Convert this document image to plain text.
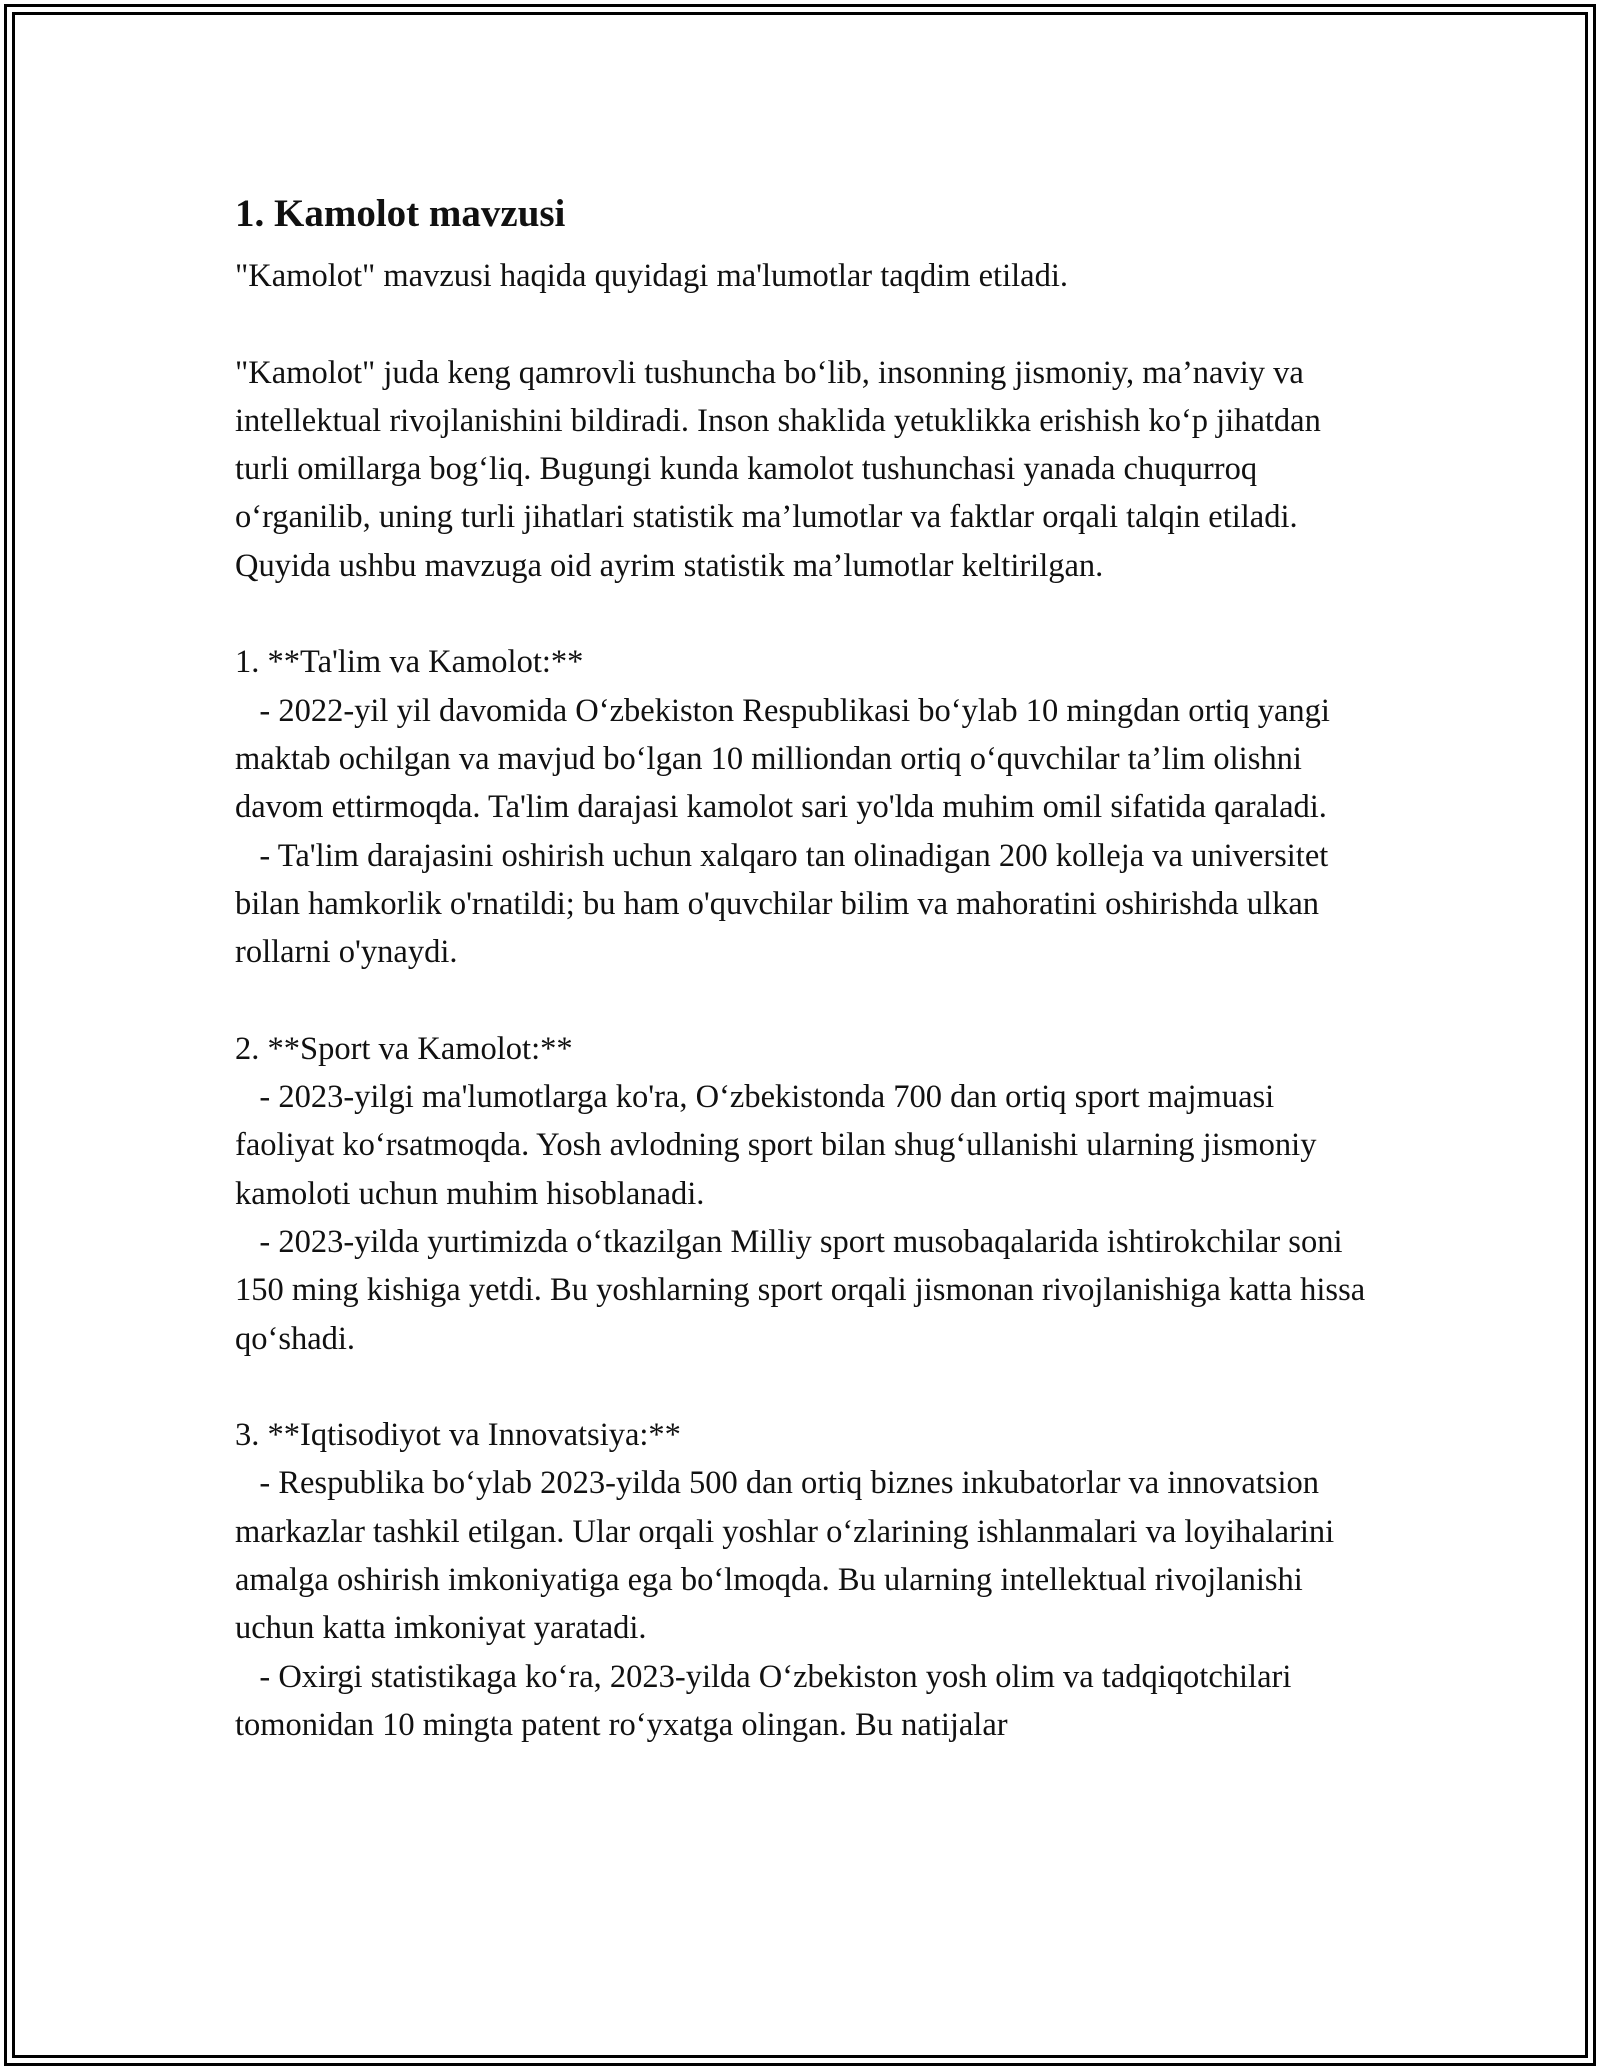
1. Kamolot mavzusi

"Kamolot" mavzusi haqida quyidagi ma'lumotlar taqdim etiladi.

"Kamolot" juda keng qamrovli tushuncha bo‘lib, insonning jismoniy, ma’naviy va intellektual rivojlanishini bildiradi. Inson shaklida yetuklikka erishish ko‘p jihatdan turli omillarga bog‘liq. Bugungi kunda kamolot tushunchasi yanada chuqurroq o‘rganilib, uning turli jihatlari statistik ma’lumotlar va faktlar orqali talqin etiladi. Quyida ushbu mavzuga oid ayrim statistik ma’lumotlar keltirilgan.

1. **Ta'lim va Kamolot:**

- 2022-yil yil davomida O‘zbekiston Respublikasi bo‘ylab 10 mingdan ortiq yangi maktab ochilgan va mavjud bo‘lgan 10 milliondan ortiq o‘quvchilar ta’lim olishni davom ettirmoqda. Ta'lim darajasi kamolot sari yo'lda muhim omil sifatida qaraladi.

- Ta'lim darajasini oshirish uchun xalqaro tan olinadigan 200 kolleja va universitet bilan hamkorlik o'rnatildi; bu ham o'quvchilar bilim va mahoratini oshirishda ulkan rollarni o'ynaydi.

2. **Sport va Kamolot:**

- 2023-yilgi ma'lumotlarga ko'ra, O‘zbekistonda 700 dan ortiq sport majmuasi faoliyat ko‘rsatmoqda. Yosh avlodning sport bilan shug‘ullanishi ularning jismoniy kamoloti uchun muhim hisoblanadi.

- 2023-yilda yurtimizda o‘tkazilgan Milliy sport musobaqalarida ishtirokchilar soni 150 ming kishiga yetdi. Bu yoshlarning sport orqali jismonan rivojlanishiga katta hissa qo‘shadi.

3. **Iqtisodiyot va Innovatsiya:**

- Respublika bo‘ylab 2023-yilda 500 dan ortiq biznes inkubatorlar va innovatsion markazlar tashkil etilgan. Ular orqali yoshlar o‘zlarining ishlanmalari va loyihalarini amalga oshirish imkoniyatiga ega bo‘lmoqda. Bu ularning intellektual rivojlanishi uchun katta imkoniyat yaratadi.

- Oxirgi statistikaga ko‘ra, 2023-yilda O‘zbekiston yosh olim va tadqiqotchilari tomonidan 10 mingta patent ro‘yxatga olingan. Bu natijalar
